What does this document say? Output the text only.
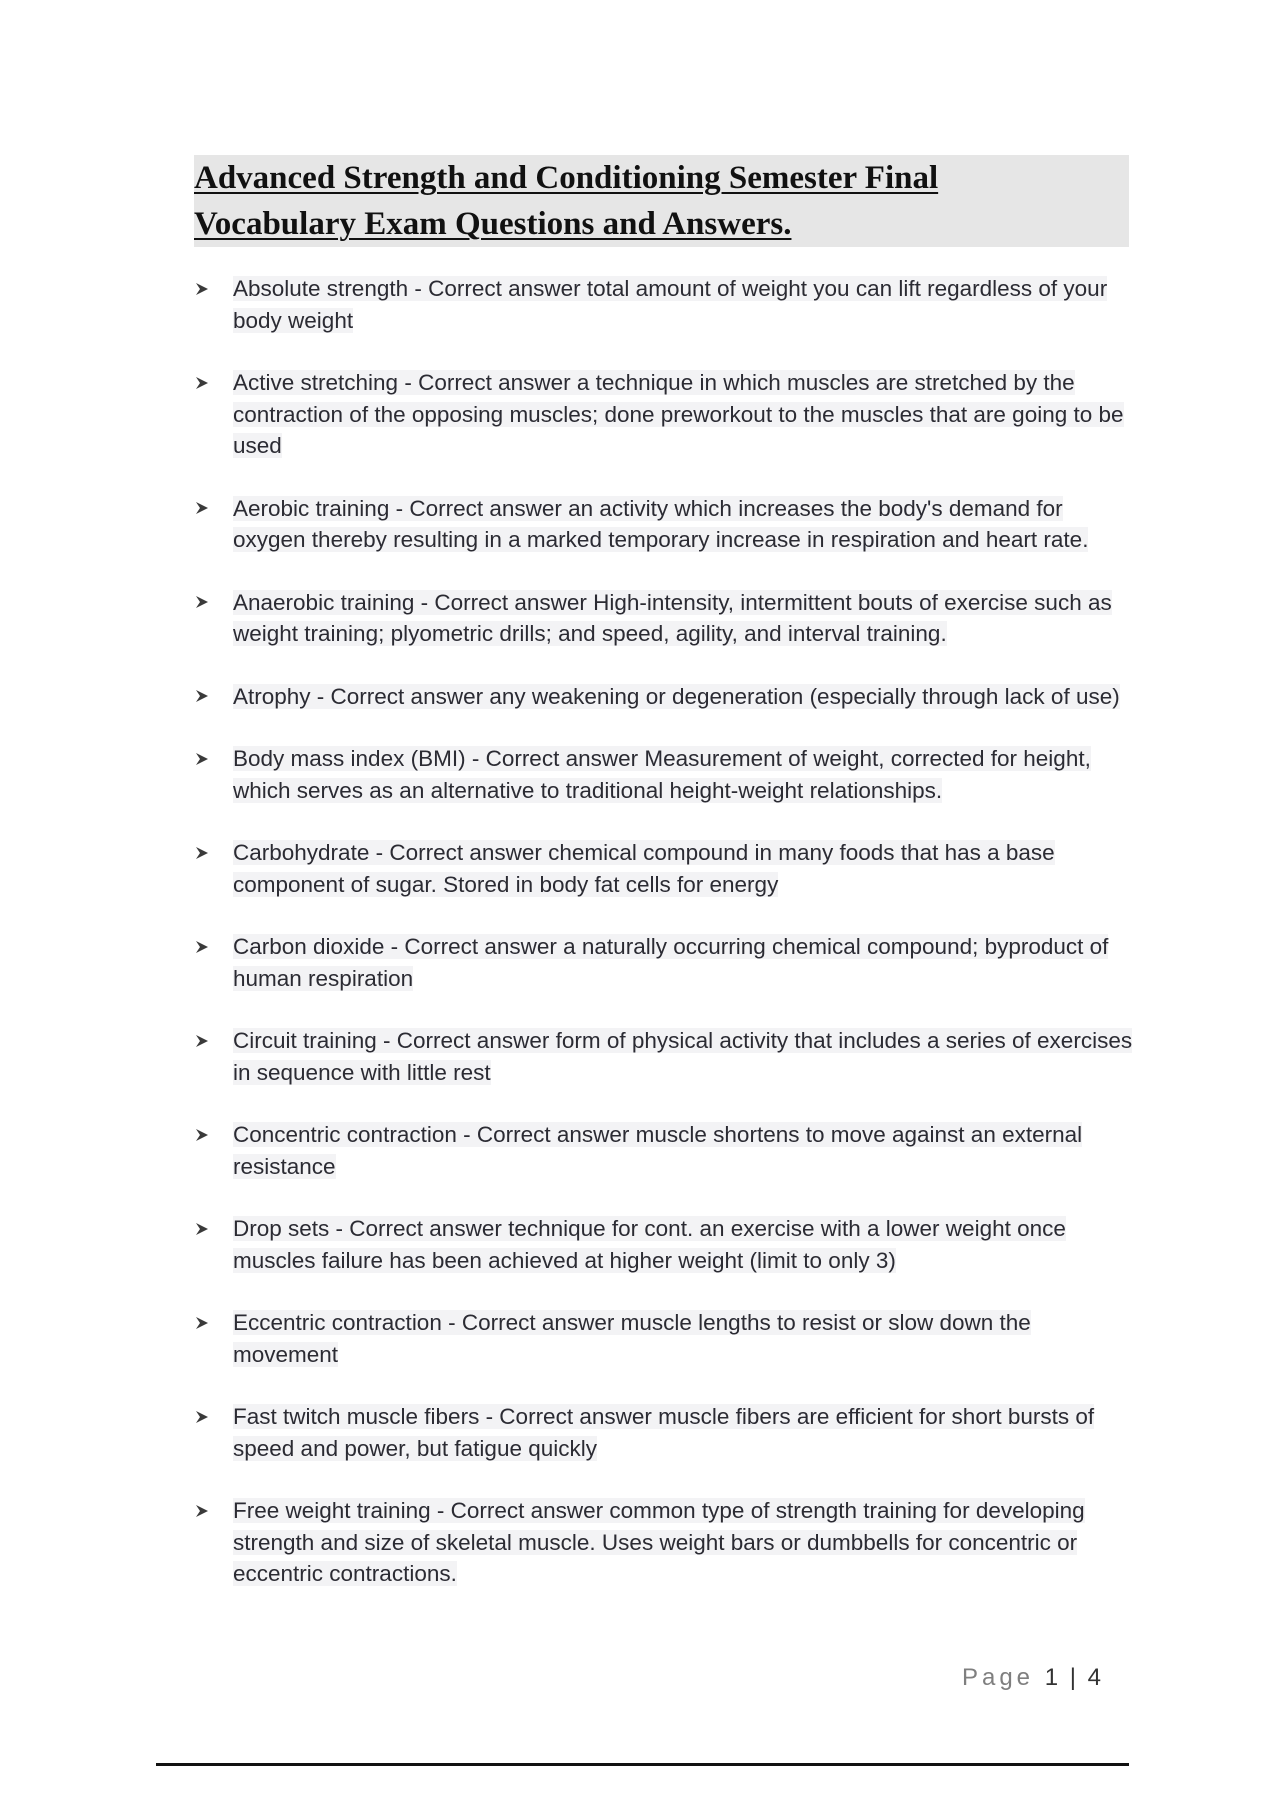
Advanced Strength and Conditioning Semester Final

Vocabulary Exam Questions and Answers.

Absolute strength - Correct answer total amount of weight you can lift regardless of your body weight
Active stretching - Correct answer a technique in which muscles are stretched by the contraction of the opposing muscles; done preworkout to the muscles that are going to be used
Aerobic training - Correct answer an activity which increases the body's demand for oxygen thereby resulting in a marked temporary increase in respiration and heart rate.
Anaerobic training - Correct answer High-intensity, intermittent bouts of exercise such as weight training; plyometric drills; and speed, agility, and interval training.
Atrophy - Correct answer any weakening or degeneration (especially through lack of use)
Body mass index (BMI) - Correct answer Measurement of weight, corrected for height, which serves as an alternative to traditional height-weight relationships.
Carbohydrate - Correct answer chemical compound in many foods that has a base component of sugar. Stored in body fat cells for energy
Carbon dioxide - Correct answer a naturally occurring chemical compound; byproduct of human respiration
Circuit training - Correct answer form of physical activity that includes a series of exercises in sequence with little rest
Concentric contraction - Correct answer muscle shortens to move against an external resistance
Drop sets - Correct answer technique for cont. an exercise with a lower weight once muscles failure has been achieved at higher weight (limit to only 3)
Eccentric contraction - Correct answer muscle lengths to resist or slow down the movement
Fast twitch muscle fibers - Correct answer muscle fibers are efficient for short bursts of speed and power, but fatigue quickly
Free weight training - Correct answer common type of strength training for developing strength and size of skeletal muscle. Uses weight bars or dumbbells for concentric or eccentric contractions.
Page 1 | 4
